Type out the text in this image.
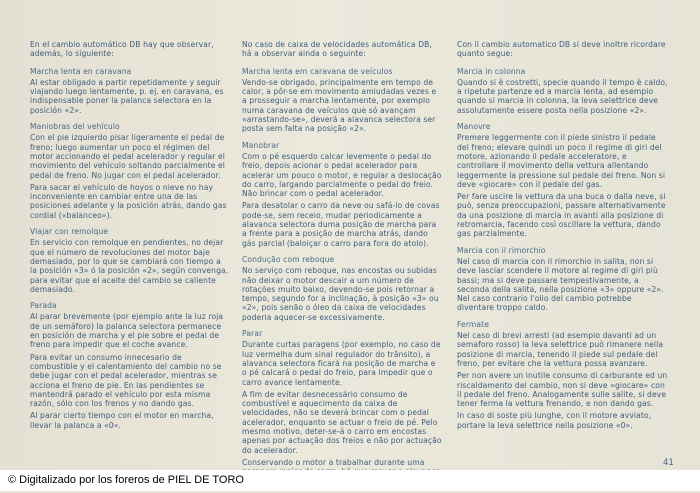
En el cambio automático DB hay que observar, además, lo siguiente:
Marcha lenta en caravana
Al estar obligado a partir repetidamente y seguir viajando luego lentamente, p. ej. en caravana, es indispensable poner la palanca selectora en la posición «2».
Maniobras del vehículo
Con el pie izquierdo pisar ligeramente el pedal de freno; luego aumentar un poco el régimen del motor accionando el pedal acelerador y regular el movimiento del vehículo soltando parcialmente el pedal de freno. No jugar con el pedal acelerador.
Para sacar el vehículo de hoyos o nieve no hay inconveniente en cambiar entre una de las posiciones adelante y la posición atrás, dando gas cordial («balanceo»).
Viajar con remolque
En servicio con remolque en pendientes, no dejar que el número de revoluciones del motor baje demasiado, por lo que se cambiará con tiempo a la posición «3» ó la posición «2», según convenga, para evitar que el aceite del cambio se caliente demasiado.
Parada
Al parar brevemente (por ejemplo ante la luz roja de un semáforo) la palanca selectora permanece en posición de marcha y el pie sobre el pedal de freno para impedir que el coche avance.
Para evitar un consumo innecesario de combustible y el calentamiento del cambio no se debe jugar con el pedal acelerador, mientras se acciona el freno de pie. En las pendientes se mantendrá parado el vehículo por esta misma razón, sólo con los frenos y no dando gas.
Al parar cierto tiempo con el motor en marcha, llevar la palanca a «0».
No caso de caixa de velocidades automática DB, há a observar ainda o seguinte:
Marcha lenta em caravana de veículos
Vendo-se obrigado, principalmente em tempo de calor, a pôr-se em movimento amiudadas vezes e a prosseguir a marcha lentamente, por exemplo numa caravana de veículos que só avançam «arrastando-se», deverá a alavanca selectora ser posta sem falta na posição «2».
Manobrar
Com o pé esquerdo calcar levemente o pedal do freio, depois acionar o pedal acelerador para acelerar um pouco o motor, e regular a deslocação do carro, largando parcialmente o pedal do freio. Não brincar com o pedal acelerador.
Para desatolar o carro da neve ou safá-lo de covas pode-se, sem receio, mudar periodicamente a alavanca selectora duma posição de marcha para a frente para a posição de marcha atrás, dando gás parcial (baloiçar o carro para fora do atolo).
Condução com reboque
No serviço com reboque, nas encostas ou subidas não deixar o motor descair a um número de rotações muito baixo, devendo-se pois retornar a tempo, segundo for a inclinação, à posição «3» ou «2», pois senão o óleo da caixa de velocidades poderia aquecer-se excessivamente.
Parar
Durante curtas paragens (por exemplo, no caso de luz vermelha dum sinal regulador do trânsito), a alavanca selectora ficará na posição de marcha e o pé calcará o pedal do freio, para impedir que o carro avance lentamente.
A fim de evitar desnecessário consumo de combustível e aquecimento da caixa de velocidades, não se deverá brincar com o pedal acelerador, enquanto se actuar o freio de pé. Pelo mesmo motivo, deter-se-á o carro em encostas apenas por actuação dos freios e não por actuação do acelerador.
Conservando o motor a trabalhar durante uma
Con il cambio automatico DB si deve inoltre ricordare quanto segue:
Marcia in colonna
Quando si è costretti, specie quando il tempo è caldo, a ripetute partenze ed a marcia lenta, ad esempio quando si marcia in colonna, la leva selettrice deve assolutamente essere posta nella posizione «2».
Manovre
Premere leggermente con il piede sinistro il pedale del freno; elevare quindi un poco il regime di giri del motore, azionando il pedale acceleratore, e controllare il movimento della vettura allentando leggermente la pressione sul pedale del freno. Non si deve «giocare» con il pedale del gas.
Per fare uscire la vettura da una buca o dalla neve, si può, senza preoccupazioni, passare alternativamente da una posizione di marcia in avanti alla posizione di retromarcia, facendo così oscillare la vettura, dando gas parzialmente.
Marcia con il rimorchio
Nel caso di marcia con il rimorchio in salita, non si deve lasciar scendere il motore al regime di giri più bassi; ma si deve passare tempestivamente, a seconda della salita, nella posizione «3» oppure «2». Nel caso contrario l'olio del cambio potrebbe diventare troppo caldo.
Fermate
Nel caso di brevi arresti (ad esempio davanti ad un semaforo rosso) la leva selettrice può rimanere nella posizione di marcia, tenendo il piede sul pedale del freno, per evitare che la vettura possa avanzare.
Per non avere un inutile consumo di carburante ed un riscaldamento del cambio, non si deve «giocare» con il pedale del freno. Analogamente sulle salite, si deve tener ferma la vettura frenando, e non dando gas.
In caso di soste più lunghe, con il motore avviato, portare la leva selettrice nella posizione «0».
41
© Digitalizado por los foreros de PIEL DE TORO
